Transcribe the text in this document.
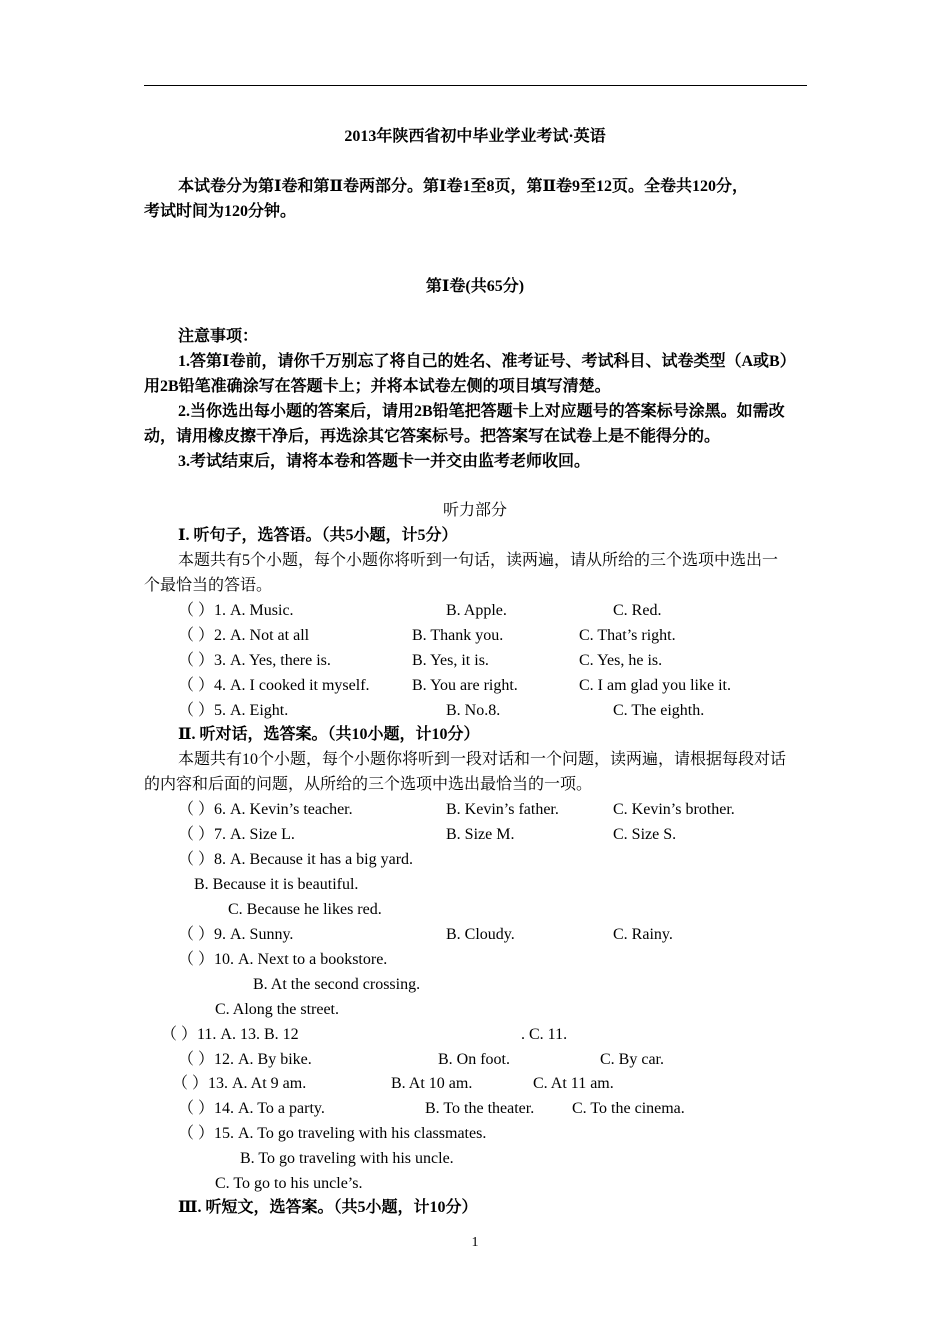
2013年陕西省初中毕业学业考试·英语
本试卷分为第Ⅰ卷和第Ⅱ卷两部分。第Ⅰ卷1至8页，第Ⅱ卷9至12页。全卷共120分，
考试时间为120分钟。
第Ⅰ卷(共65分)
注意事项：
1.答第Ⅰ卷前，请你千万别忘了将自己的姓名、准考证号、考试科目、试卷类型（A或B）
用2B铅笔准确涂写在答题卡上；并将本试卷左侧的项目填写清楚。
2.当你选出每小题的答案后，请用2B铅笔把答题卡上对应题号的答案标号涂黑。如需改
动，请用橡皮擦干净后，再选涂其它答案标号。把答案写在试卷上是不能得分的。
3.考试结束后，请将本卷和答题卡一并交由监考老师收回。
听力部分
Ⅰ. 听句子，选答语。（共5小题，计5分）
本题共有5个小题，每个小题你将听到一句话，读两遍，请从所给的三个选项中选出一
个最恰当的答语。
（ ）1. A. Music.	B. Apple.	C. Red.
（ ）2. A. Not at all	B. Thank you.	C. That’s right.
（ ）3. A. Yes, there is.	B. Yes, it is.	C. Yes, he is.
（ ）4. A. I cooked it myself.	B. You are right.	C. I am glad you like it.
（ ）5. A. Eight.	B. No.8.	C. The eighth.
Ⅱ. 听对话，选答案。（共10小题，计10分）
本题共有10个小题，每个小题你将听到一段对话和一个问题，读两遍，请根据每段对话
的内容和后面的问题，从所给的三个选项中选出最恰当的一项。
（ ）6. A. Kevin’s teacher.	B. Kevin’s father.	C. Kevin’s brother.
（ ）7. A. Size L.	B. Size M.	C. Size S.
（ ）8. A. Because it has a big yard.
B. Because it is beautiful.
C. Because he likes red.
（ ）9. A. Sunny.	B. Cloudy.	C. Rainy.
（ ）10. A. Next to a bookstore.
B. At the second crossing.
C. Along the street.
（ ）11. A. 13. B. 12	. C. 11.
（ ）12. A. By bike.	B. On foot.	C. By car.
（ ）13. A. At 9 am.	B. At 10 am.	C. At 11 am.
（ ）14. A. To a party.	B. To the theater. C. To the cinema.
（ ）15. A. To go traveling with his classmates.
B. To go traveling with his uncle.
C. To go to his uncle’s.
Ⅲ. 听短文，选答案。（共5小题，计10分）
1
